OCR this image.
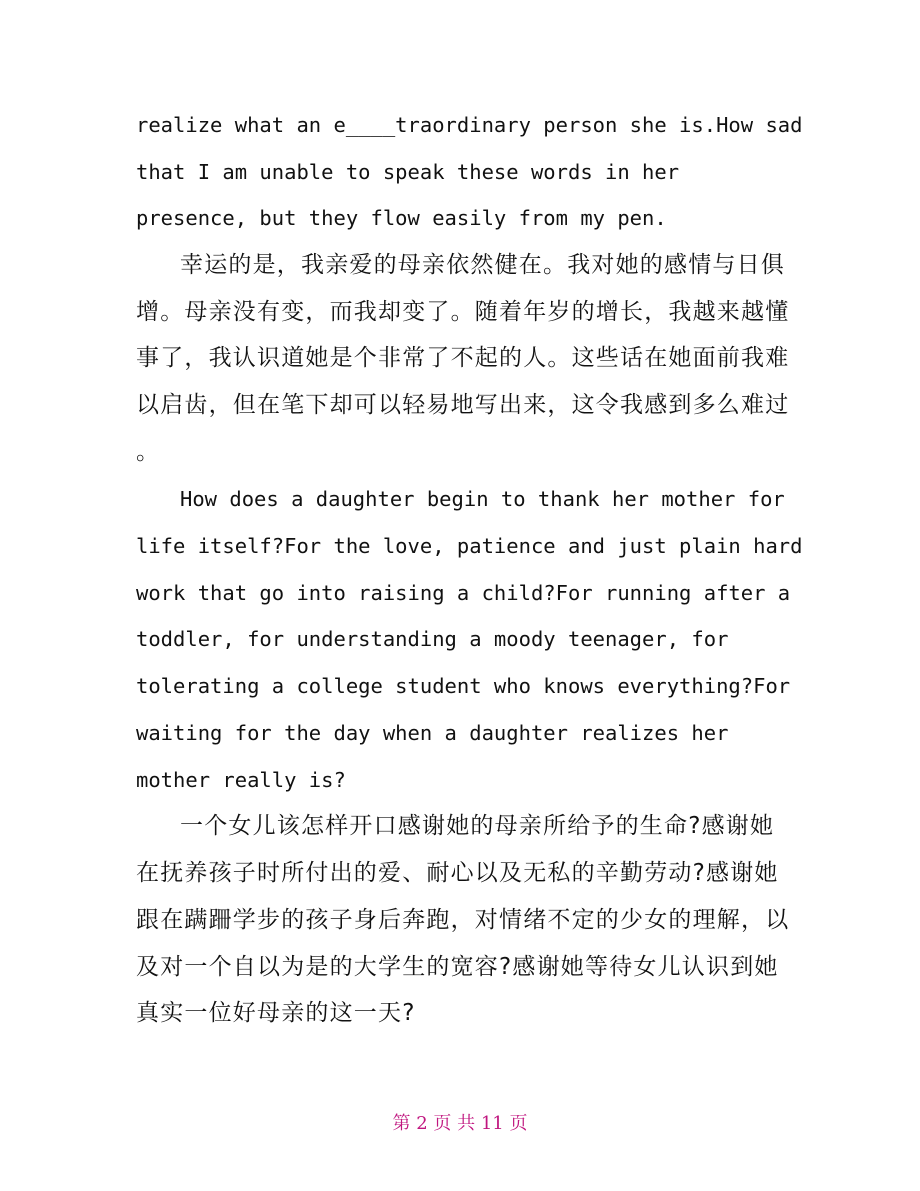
realize what an e____traordinary person she is.How sad
that I am unable to speak these words in her
presence, but they flow easily from my pen.
幸运的是，我亲爱的母亲依然健在。我对她的感情与日俱
增。母亲没有变，而我却变了。随着年岁的增长，我越来越懂
事了，我认识道她是个非常了不起的人。这些话在她面前我难
以启齿，但在笔下却可以轻易地写出来，这令我感到多么难过
。
How does a daughter begin to thank her mother for
life itself?For the love, patience and just plain hard
work that go into raising a child?For running after a
toddler, for understanding a moody teenager, for
tolerating a college student who knows everything?For
waiting for the day when a daughter realizes her
mother really is?
一个女儿该怎样开口感谢她的母亲所给予的生命?感谢她
在抚养孩子时所付出的爱、耐心以及无私的辛勤劳动?感谢她
跟在蹒跚学步的孩子身后奔跑，对情绪不定的少女的理解，以
及对一个自以为是的大学生的宽容?感谢她等待女儿认识到她
真实一位好母亲的这一天?
第 2 页 共 11 页
